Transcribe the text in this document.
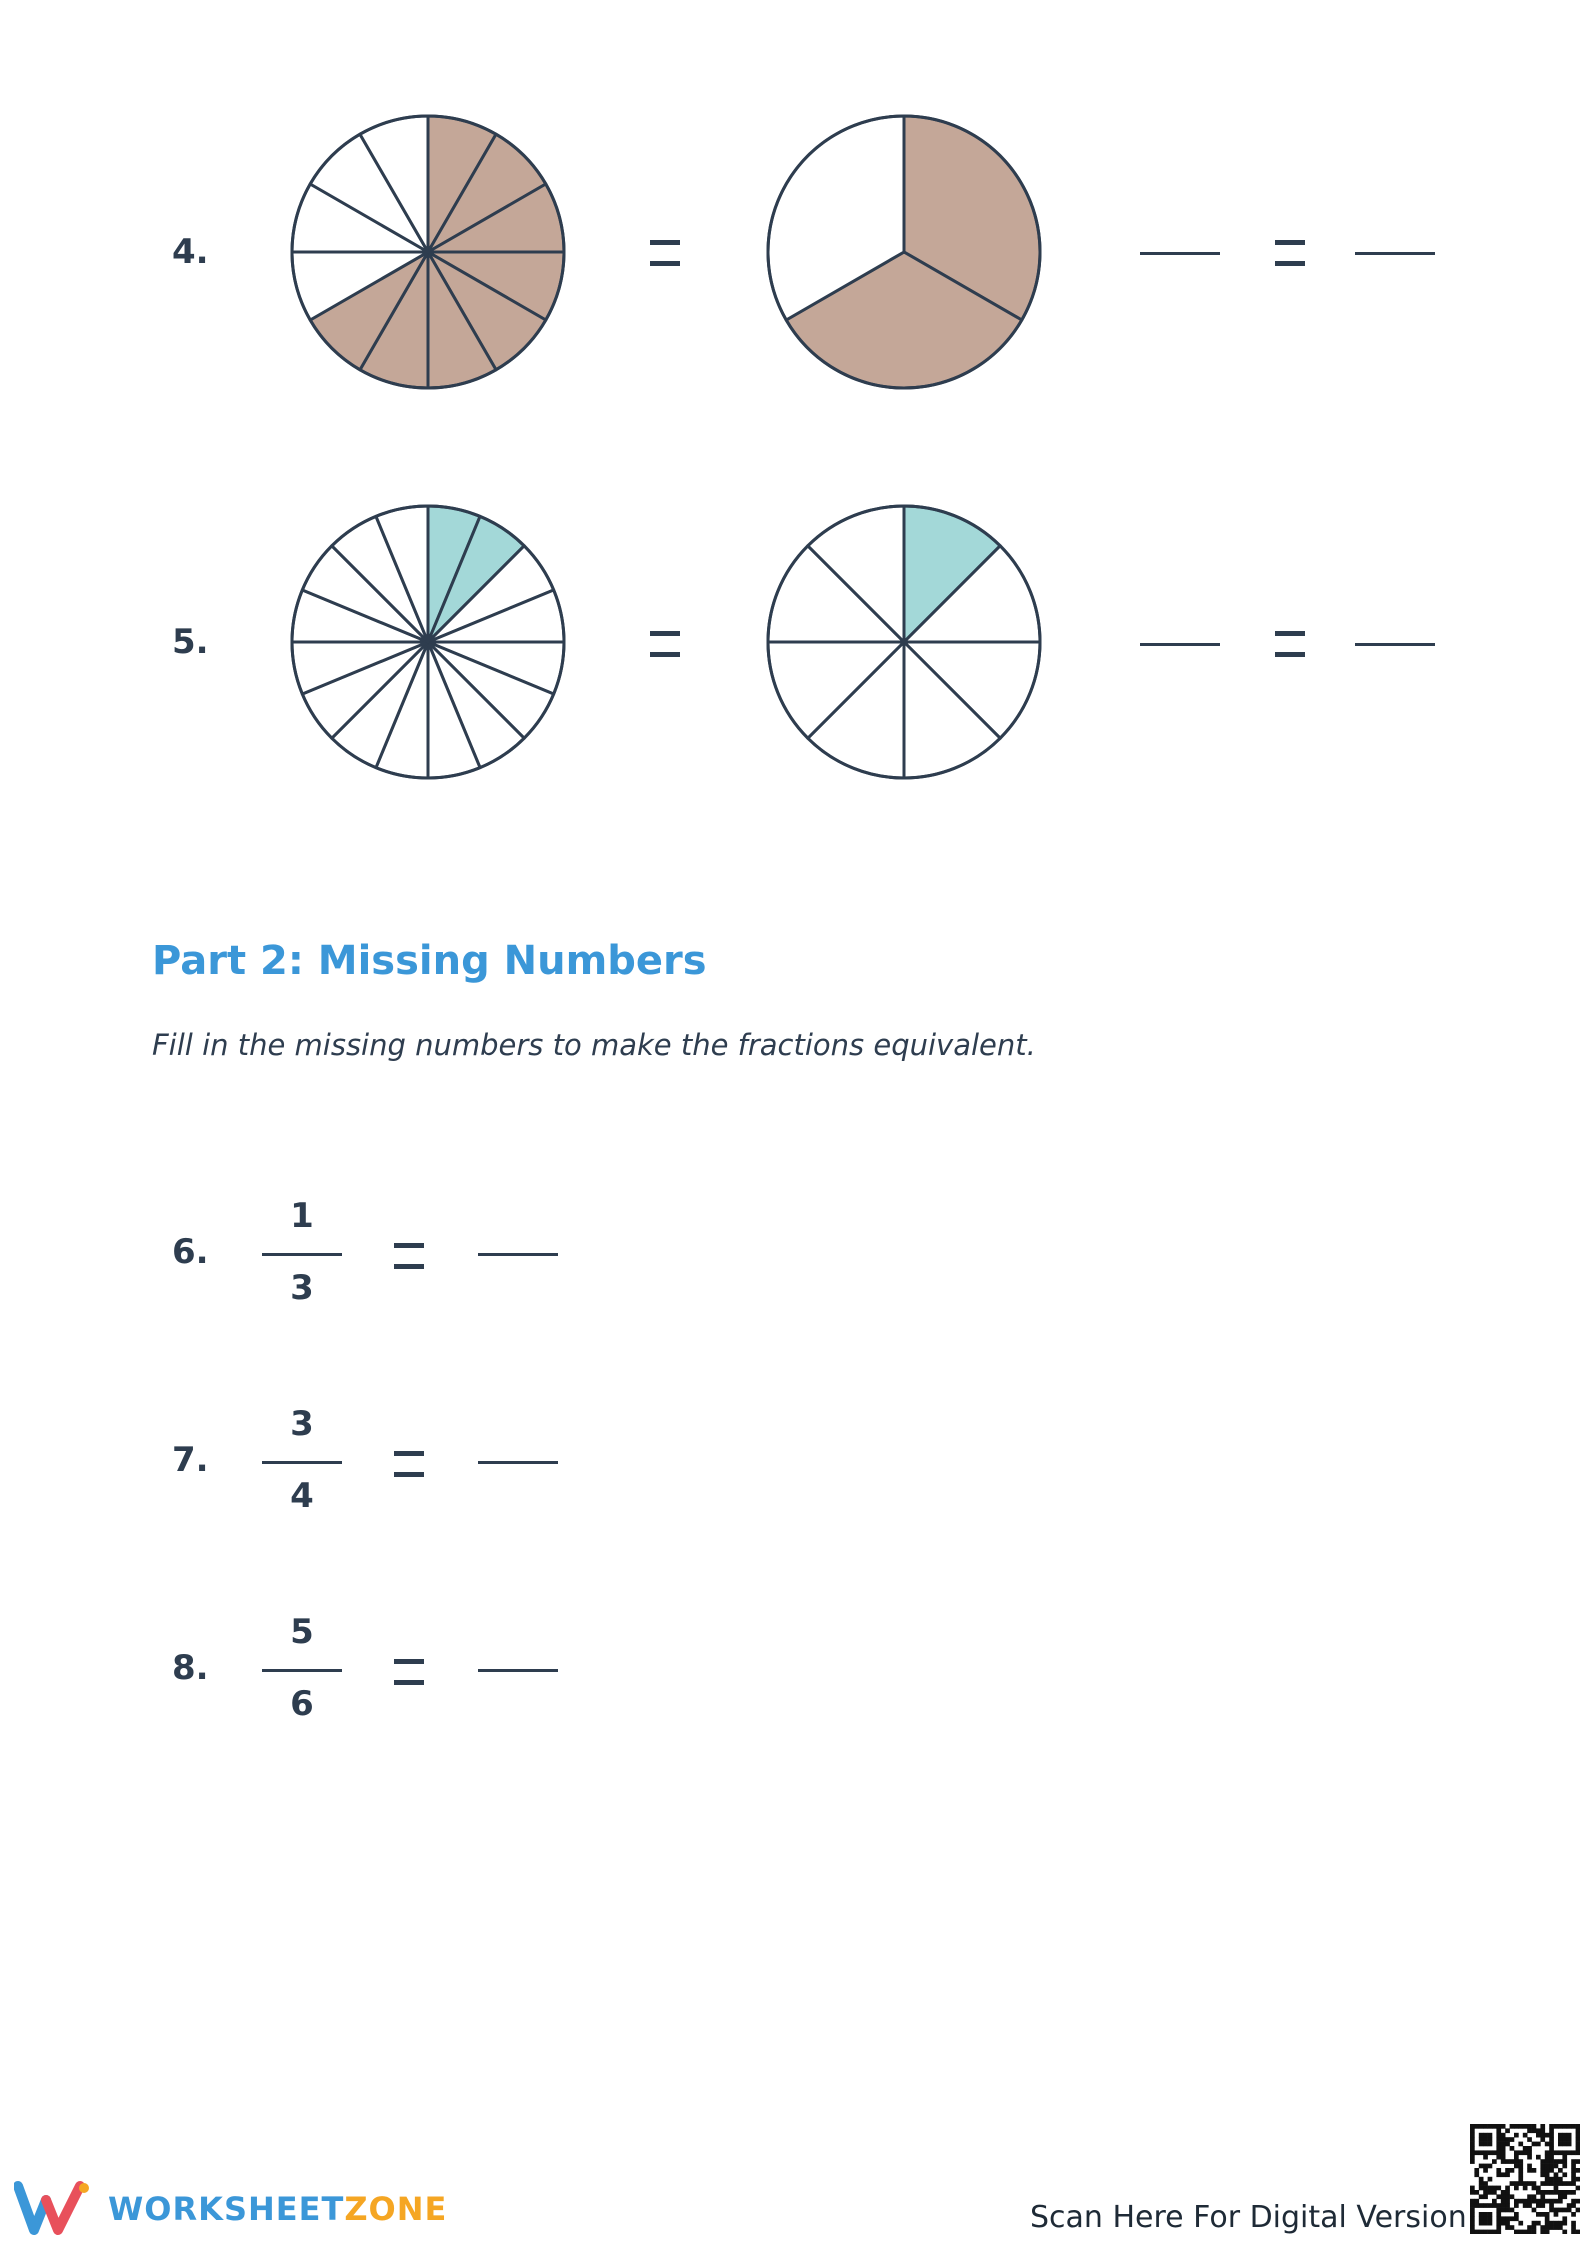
4.
5.
Part 2: Missing Numbers
Fill in the missing numbers to make the fractions equivalent.
6.
1
3
7.
3
4
8.
5
6
WORKSHEETZONE	Scan Here For Digital Version
